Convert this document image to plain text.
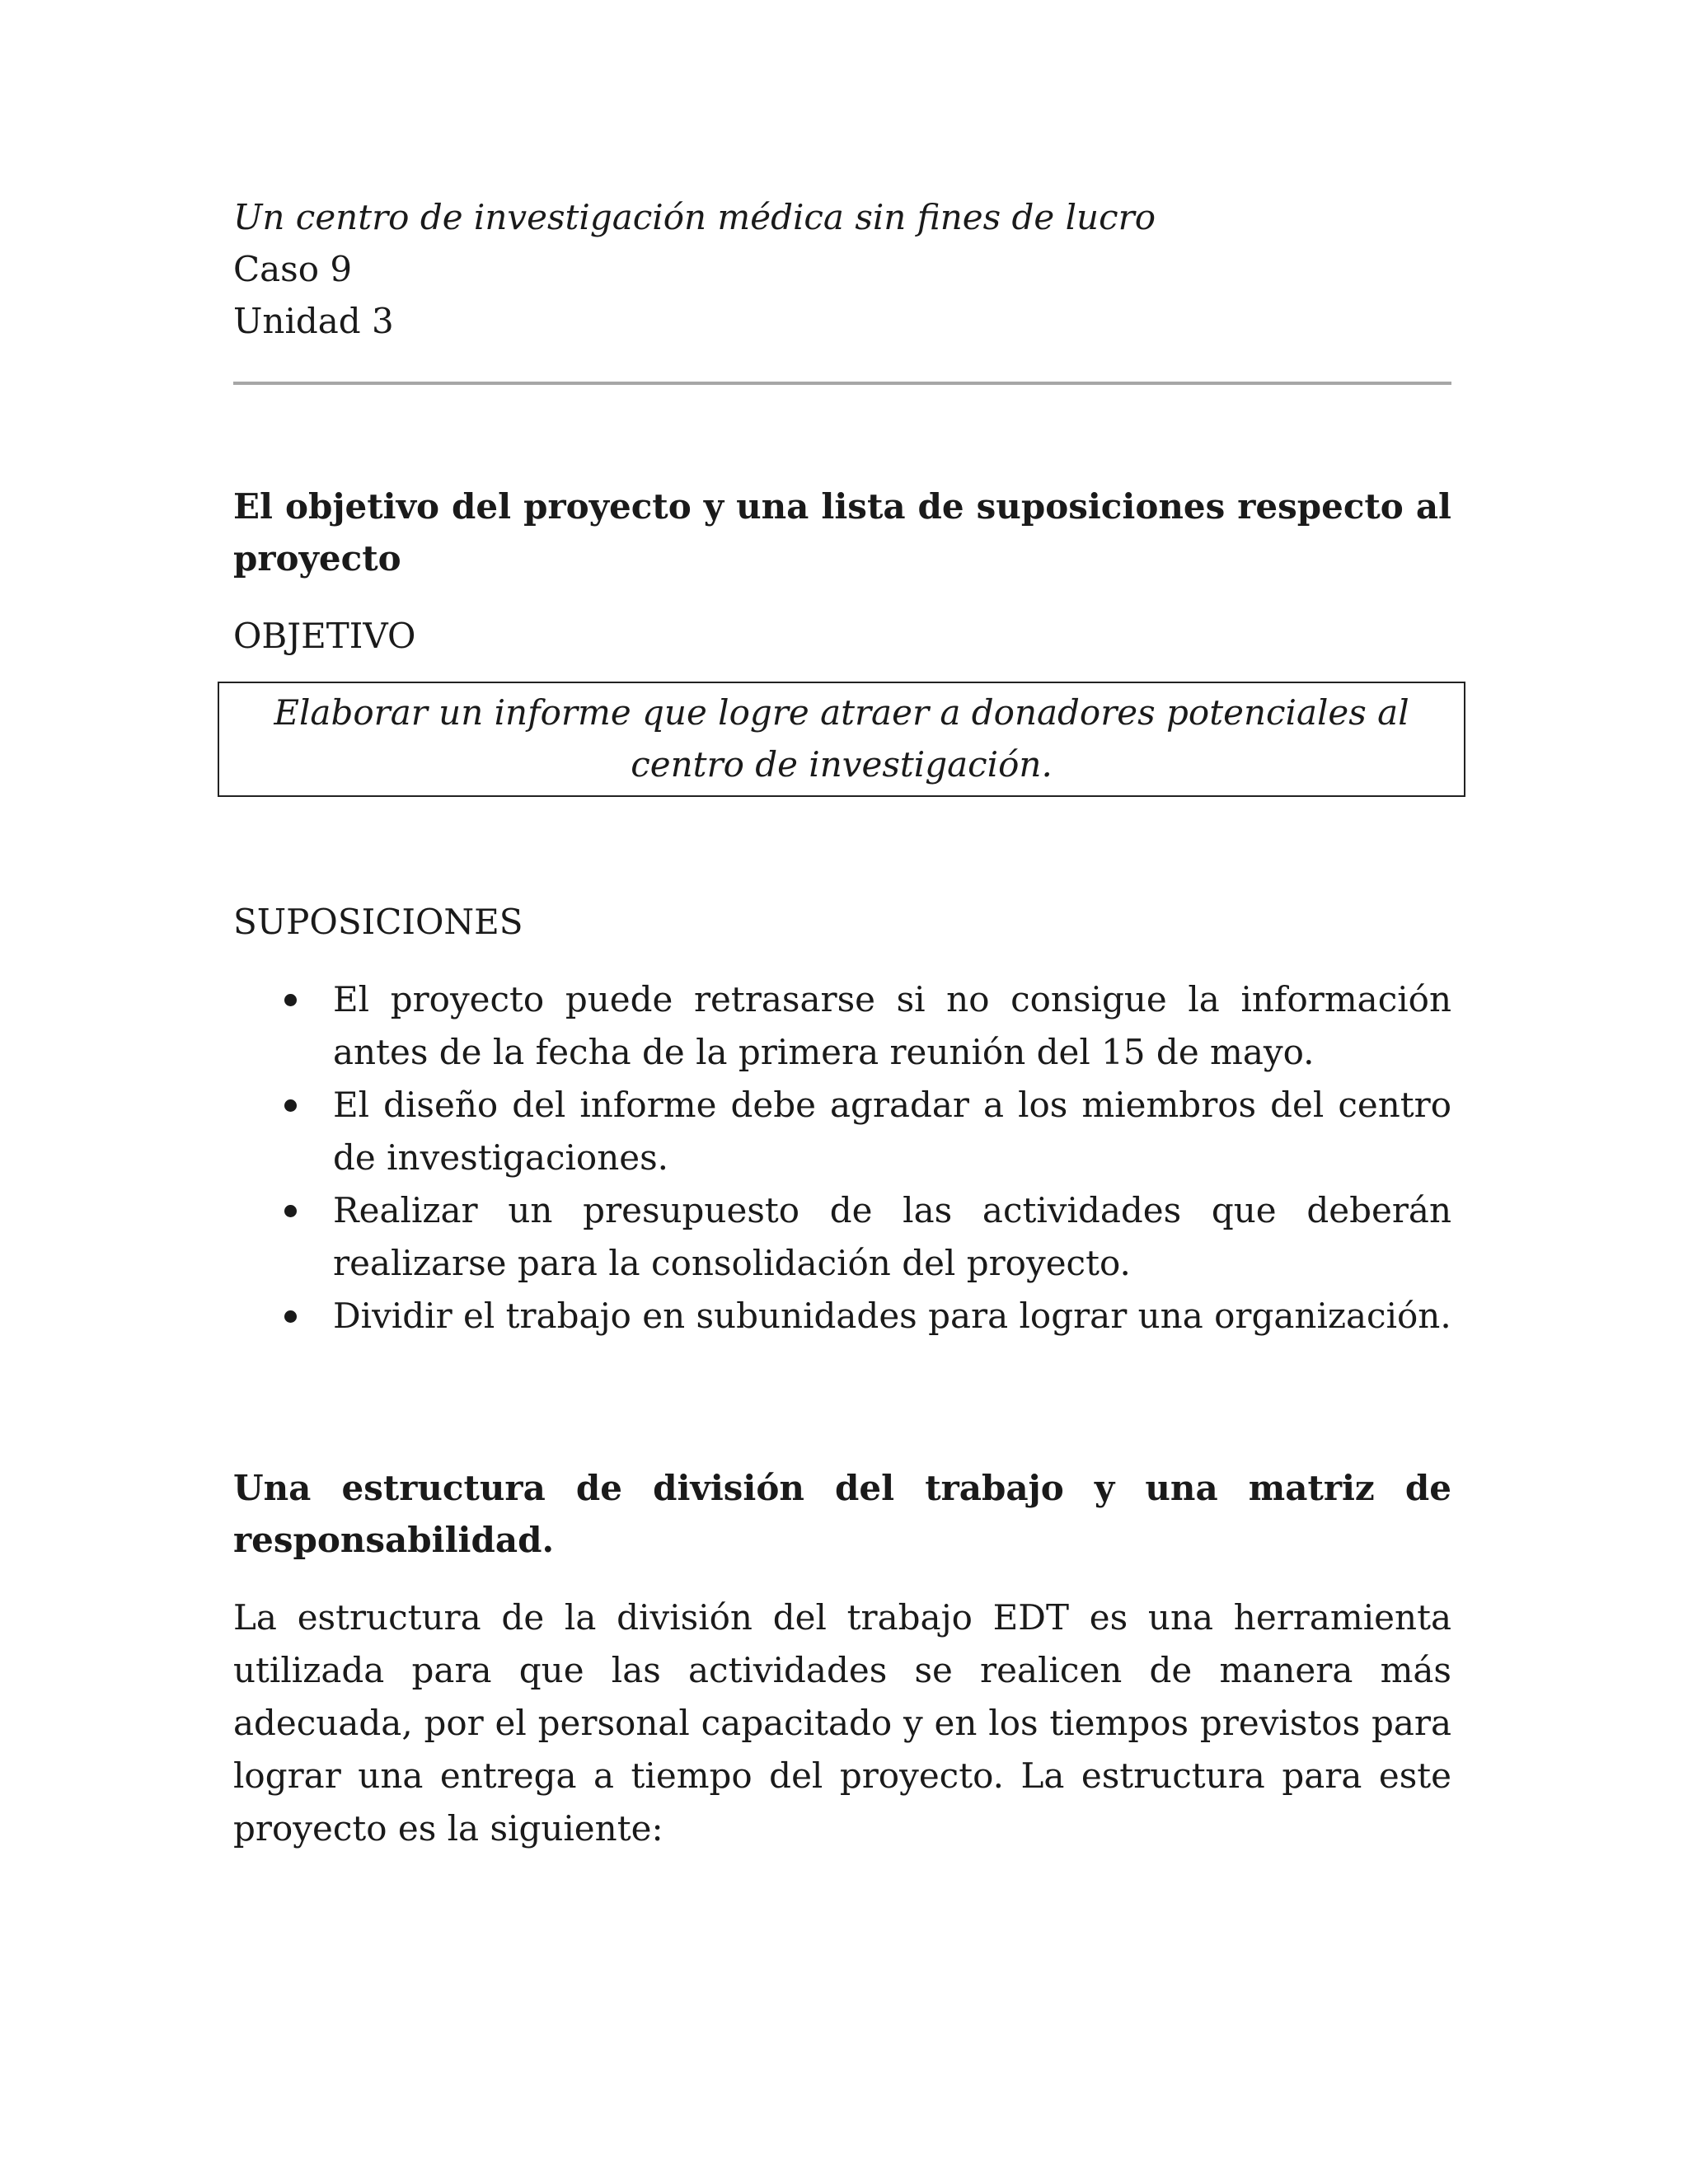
Un centro de investigación médica sin fines de lucro

Caso 9

Unidad 3

El objetivo del proyecto y una lista de suposiciones respecto al proyecto

OBJETIVO

Elaborar un informe que logre atraer a donadores potenciales al centro de investigación.

SUPOSICIONES

El proyecto puede retrasarse si no consigue la información antes de la fecha de la primera reunión del 15 de mayo.
El diseño del informe debe agradar a los miembros del centro de investigaciones.
Realizar un presupuesto de las actividades que deberán realizarse para la consolidación del proyecto.
Dividir el trabajo en subunidades para lograr una organización.
Una estructura de división del trabajo y una matriz de
responsabilidad.

La estructura de la división del trabajo EDT es una herramienta utilizada para que las actividades se realicen de manera más adecuada, por el personal capacitado y en los tiempos previstos para lograr una entrega a tiempo del proyecto. La estructura para este proyecto es la siguiente:
